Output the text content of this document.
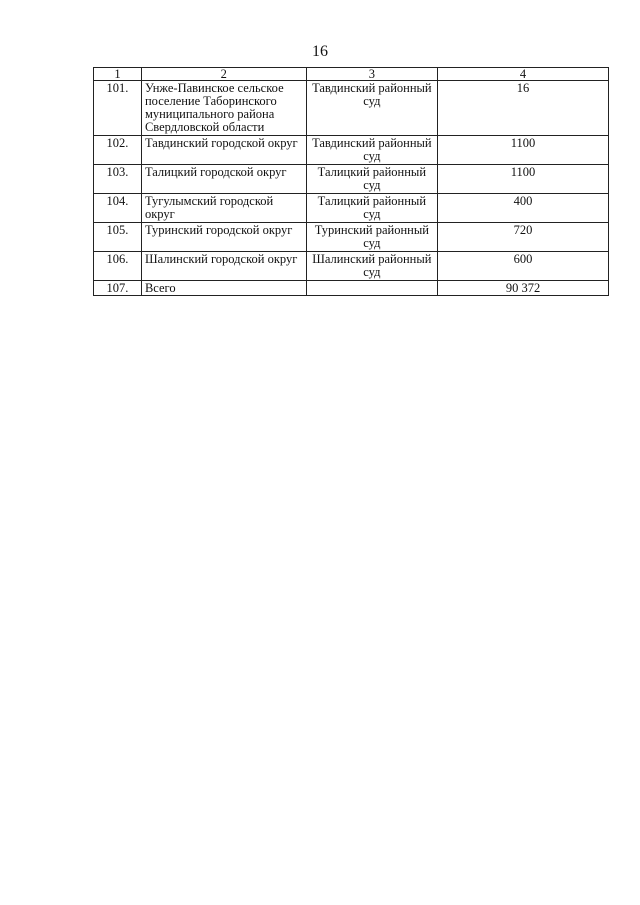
16
1	2	3	4
101.	Унже-Павинское сельское поселение Таборинского муниципального района Свердловской области	Тавдинский районный суд	16
102.	Тавдинский городской округ	Тавдинский районный суд	1100
103.	Талицкий городской округ	Талицкий районный суд	1100
104.	Тугулымский городской округ	Талицкий районный суд	400
105.	Туринский городской округ	Туринский районный суд	720
106.	Шалинский городской округ	Шалинский районный суд	600
107.	Всего		90 372
